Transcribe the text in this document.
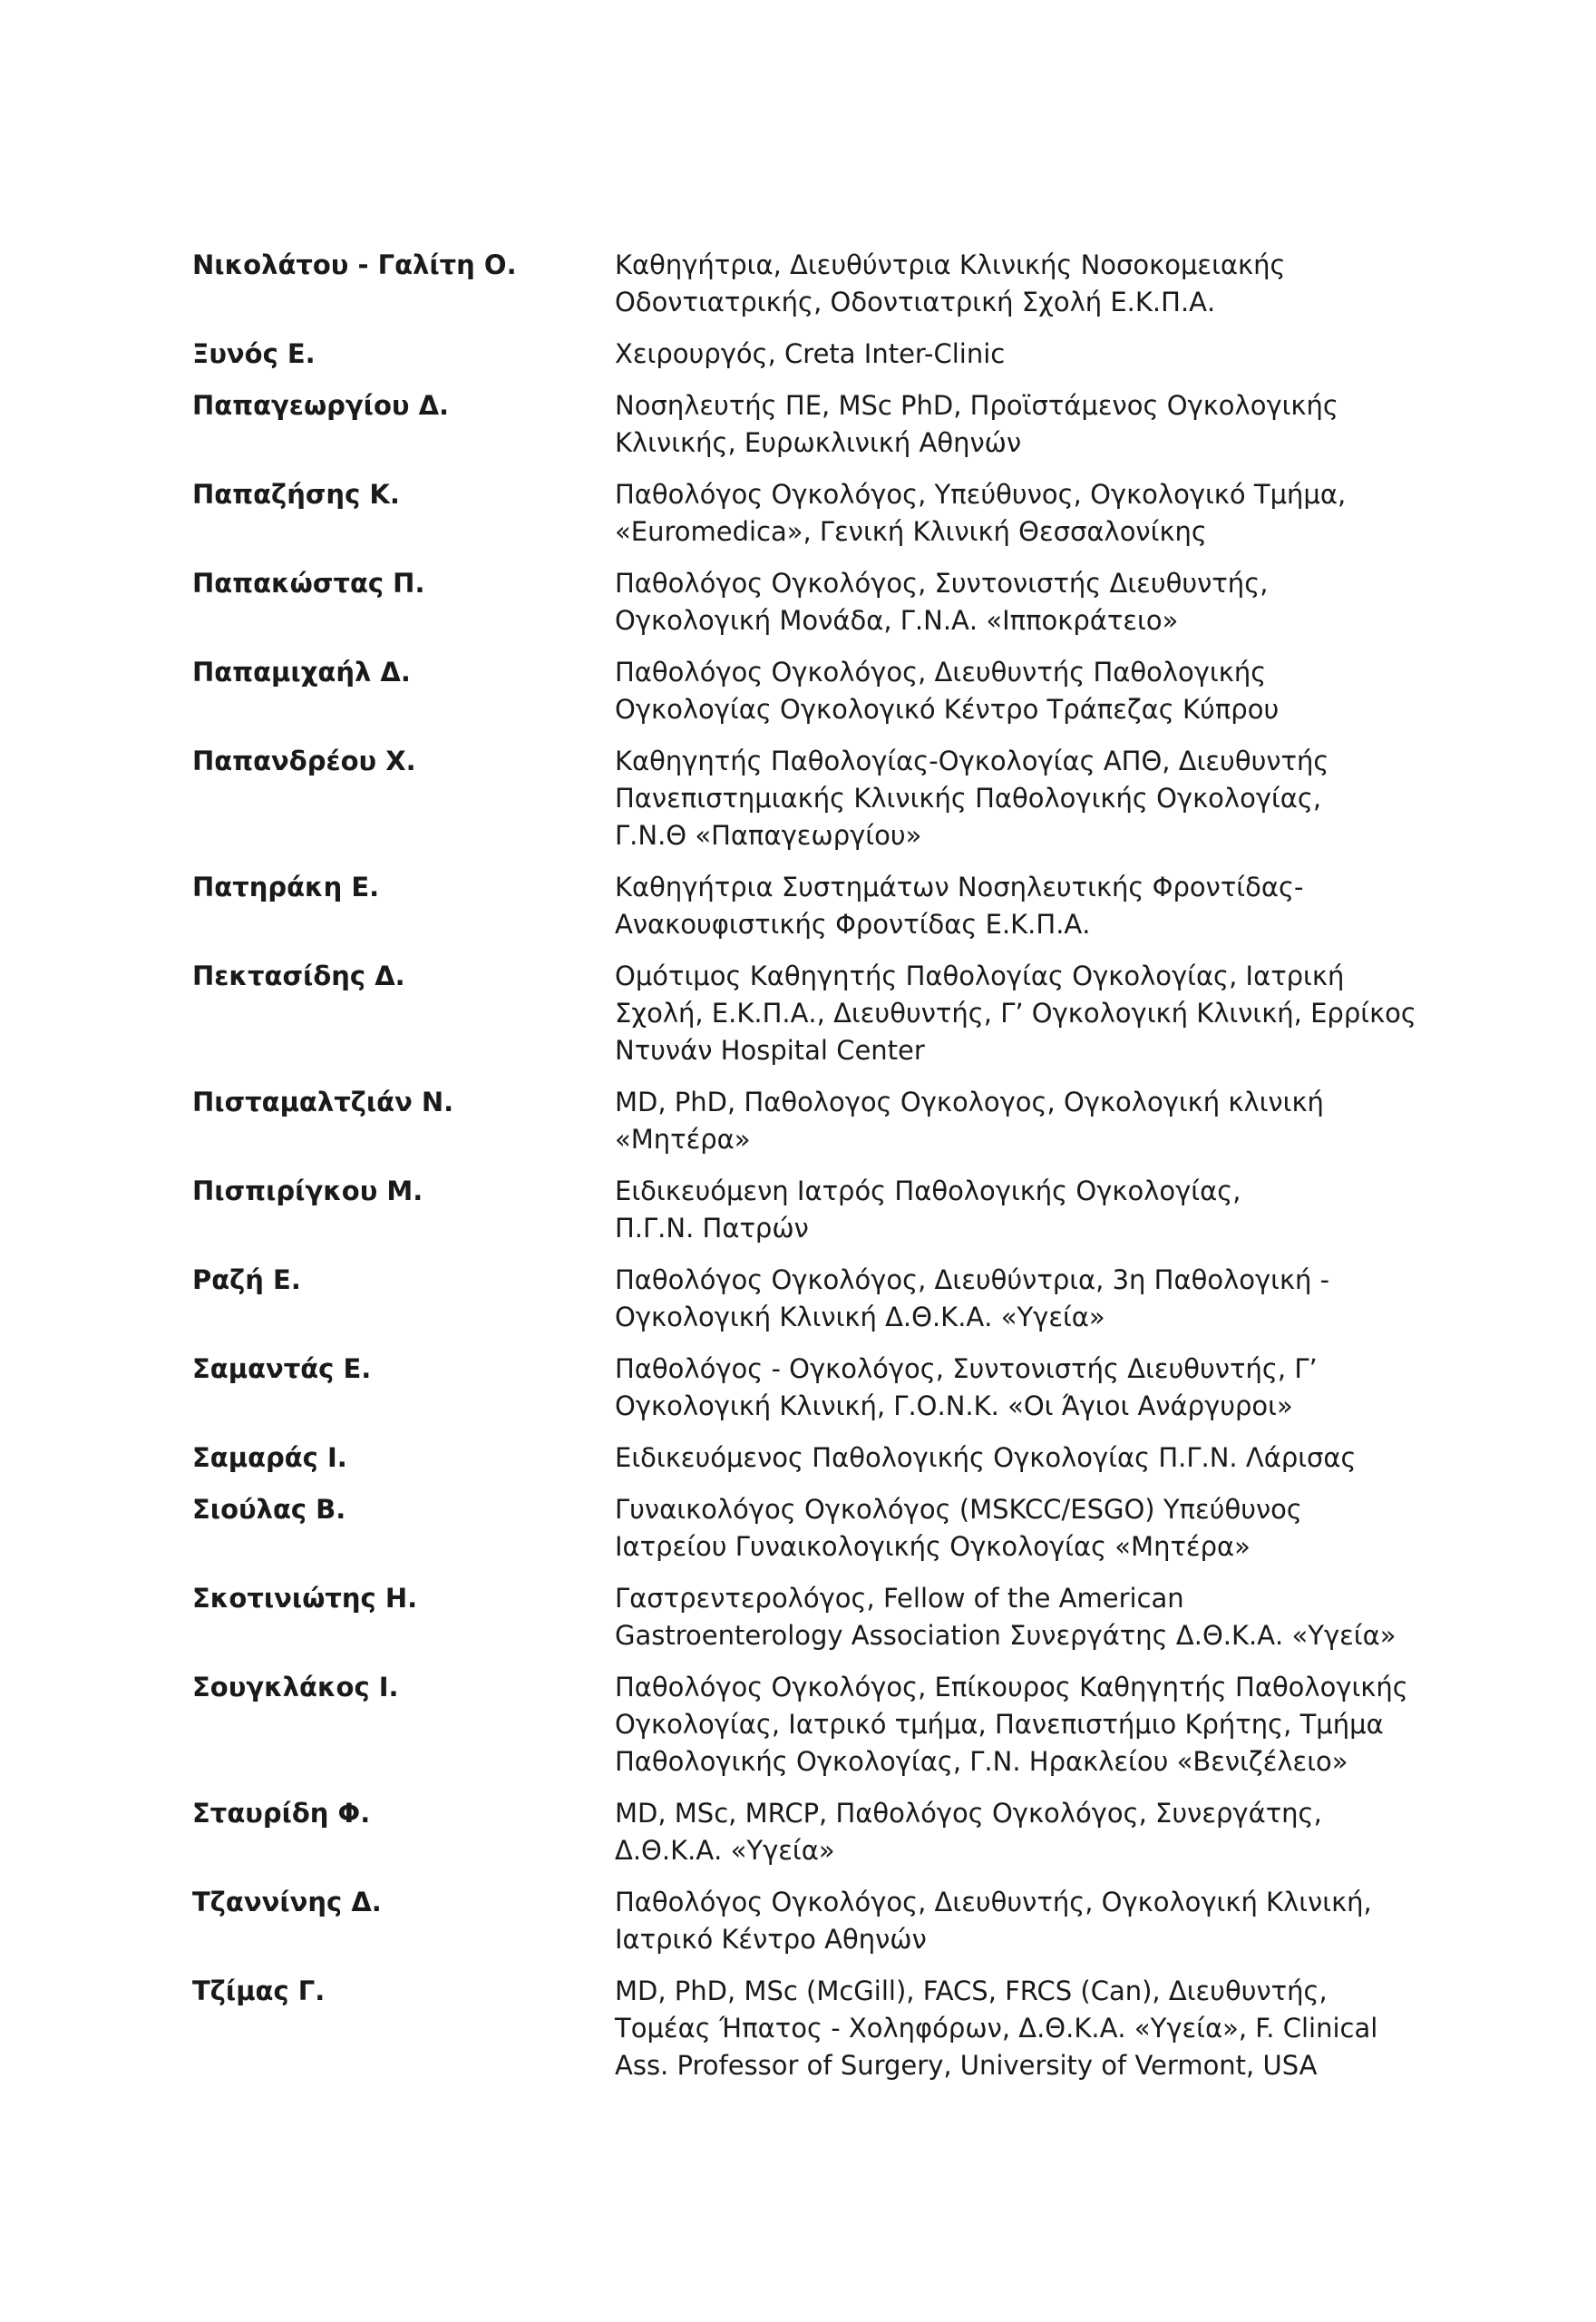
Νικολάτου - Γαλίτη Ο.	Καθηγήτρια, Διευθύντρια Κλινικής Νοσοκομειακής
Οδοντιατρικής, Οδοντιατρική Σχολή Ε.Κ.Π.Α.
Ξυνός Ε.	Χειρουργός, Creta Inter-Clinic
Παπαγεωργίου Δ.	Νοσηλευτής ΠΕ, MSc PhD, Προϊστάμενος Ογκολογικής
Κλινικής, Ευρωκλινική Αθηνών
Παπαζήσης Κ.	Παθολόγος Ογκολόγος, Υπεύθυνος, Ογκολογικό Τμήμα,
«Euromedica», Γενική Κλινική Θεσσαλονίκης
Παπακώστας Π.	Παθολόγος Ογκολόγος, Συντονιστής Διευθυντής,
Ογκολογική Μονάδα, Γ.Ν.Α. «Ιπποκράτειο»
Παπαμιχαήλ Δ.	Παθολόγος Ογκολόγος, Διευθυντής Παθολογικής
Ογκολογίας Ογκολογικό Κέντρο Τράπεζας Κύπρου
Παπανδρέου Χ.	Καθηγητής Παθολογίας-Ογκολογίας ΑΠΘ, Διευθυντής
Πανεπιστημιακής Κλινικής Παθολογικής Ογκολογίας,
Γ.Ν.Θ «Παπαγεωργίου»
Πατηράκη Ε.	Καθηγήτρια Συστημάτων Νοσηλευτικής Φροντίδας-
Ανακουφιστικής Φροντίδας Ε.Κ.Π.Α.
Πεκτασίδης Δ.	Ομότιμος Καθηγητής Παθολογίας Ογκολογίας, Ιατρική
Σχολή, Ε.Κ.Π.Α., Διευθυντής, Γ’ Ογκολογική Κλινική, Ερρίκος
Ντυνάν Hospital Center
Πισταμαλτζιάν Ν.	MD, PhD, Παθολογος Ογκολογος, Ογκολογική κλινική
«Μητέρα»
Πισπιρίγκου Μ.	Ειδικευόμενη Ιατρός Παθολογικής Ογκολογίας,
Π.Γ.Ν. Πατρών
Ραζή Ε.	Παθολόγος Ογκολόγος, Διευθύντρια, 3η Παθολογική -
Ογκολογική Κλινική Δ.Θ.Κ.Α. «Υγεία»
Σαμαντάς Ε.	Παθολόγος - Ογκολόγος, Συντονιστής Διευθυντής, Γ’
Ογκολογική Κλινική, Γ.Ο.Ν.Κ. «Οι Άγιοι Ανάργυροι»
Σαμαράς Ι.	Ειδικευόμενος Παθολογικής Ογκολογίας Π.Γ.Ν. Λάρισας
Σιούλας Β.	Γυναικολόγος Ογκολόγος (MSKCC/ESGO) Υπεύθυνος
Ιατρείου Γυναικολογικής Ογκολογίας «Μητέρα»
Σκοτινιώτης Η.	Γαστρεντερολόγος, Fellow of the American
Gastroenterology Association Συνεργάτης Δ.Θ.Κ.Α. «Υγεία»
Σουγκλάκος Ι.	Παθολόγος Ογκολόγος, Επίκουρος Καθηγητής Παθολογικής
Ογκολογίας, Ιατρικό τμήμα, Πανεπιστήμιο Κρήτης, Τμήμα
Παθολογικής Ογκολογίας, Γ.Ν. Ηρακλείου «Βενιζέλειο»
Σταυρίδη Φ.	MD, MSc, MRCP, Παθολόγος Ογκολόγος, Συνεργάτης,
Δ.Θ.Κ.Α. «Υγεία»
Τζαννίνης Δ.	Παθολόγος Ογκολόγος, Διευθυντής, Ογκολογική Κλινική,
Ιατρικό Κέντρο Αθηνών
Τζίμας Γ.	MD, PhD, MSc (McGill), FACS, FRCS (Can), Διευθυντής,
Τομέας Ήπατος - Χοληφόρων, Δ.Θ.Κ.Α. «Υγεία», F. Clinical
Ass. Professor of Surgery, University of Vermont, USA
